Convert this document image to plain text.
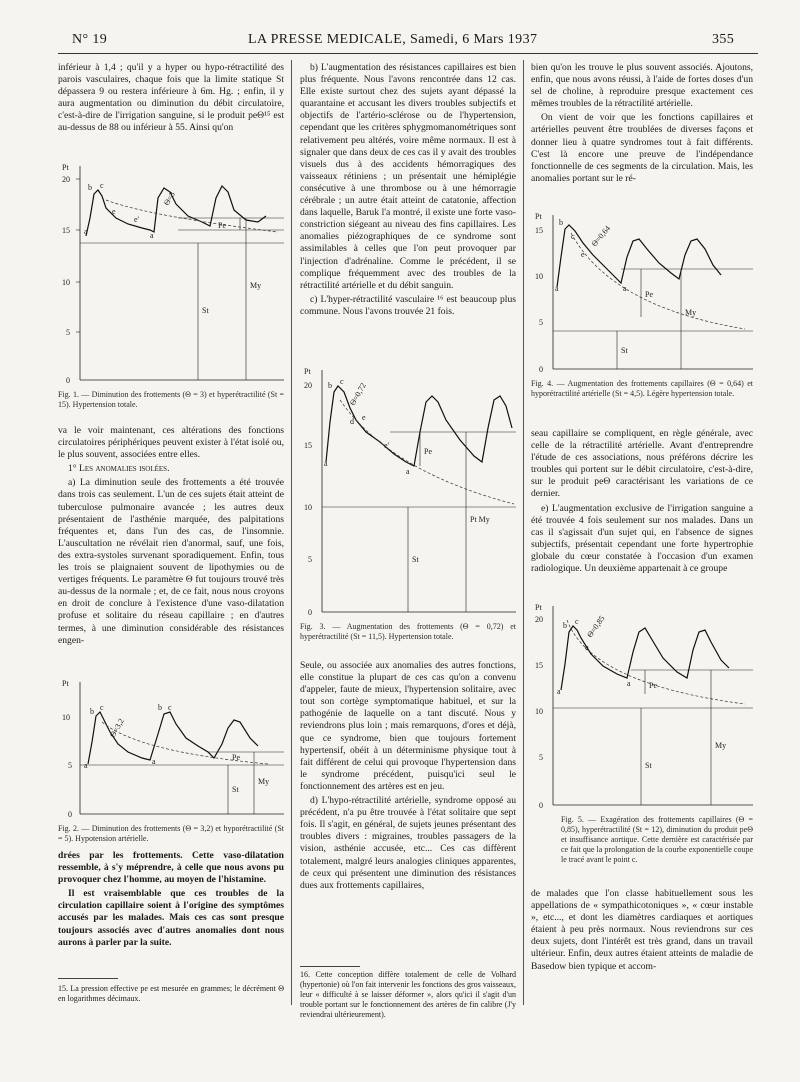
N° 19	LA PRESSE MEDICALE, Samedi, 6 Mars 1937	355

inférieur à 1,4 ; qu'il y a hyper ou hypo-rétractilité des parois vasculaires, chaque fois que la limite statique St dépassera 9 ou restera inférieure à 6m. Hg. ; enfin, il y aura augmentation ou diminution du débit circulatoire, c'est-à-dire de l'irrigation sanguine, si le produit peΘ¹⁵ est au-dessus de 88 ou inférieur à 55. Ainsi qu'on

Pt
20
15
10
5
0
a
b c
e
e'
a
Θ=3
Pe
St
My
Fig. 1. — Diminution des frottements (Θ = 3) et hyperétractilité (St = 15). Hypertension totale.

va le voir maintenant, ces altérations des fonctions circulatoires périphériques peuvent exister à l'état isolé ou, le plus souvent, associées entre elles.

1° Les anomalies isolées.

a) La diminution seule des frottements a été trouvée dans trois cas seulement. L'un de ces sujets était atteint de tuberculose pulmonaire avancée ; les autres deux présentaient de l'asthénie marquée, des palpitations fréquentes et, dans l'un des cas, de l'insomnie. L'auscultation ne révélait rien d'anormal, sauf, une fois, des extra-systoles survenant sporadiquement. Enfin, tous les trois se plaignaient souvent de lipothymies ou de vertiges fréquents. Le paramètre Θ fut toujours trouvé très au-dessus de la normale ; et, de ce fait, nous nous croyons en droit de conclure à l'existence d'une vaso-dilatation profuse et solitaire du réseau capillaire ; en d'autres termes, à une diminution considérable des résistances engen-

Pt
10
5
0
a
b c
a
b c
Θ=3,2
Pe
St
My
Fig. 2. — Diminution des frottements (Θ = 3,2) et hyporétractilité (St = 5). Hypotension artérielle.

drées par les frottements. Cette vaso-dilatation ressemble, à s'y méprendre, à celle que nous avons pu provoquer chez l'homme, au moyen de l'histamine.

Il est vraisemblable que ces troubles de la circulation capillaire soient à l'origine des symptômes accusés par les malades. Mais ces cas sont presque toujours associés avec d'autres anomalies dont nous aurons à parler par la suite.

15. La pression effective pe est mesurée en grammes; le décrément Θ en logarithmes décimaux.

b) L'augmentation des résistances capillaires est bien plus fréquente. Nous l'avons rencontrée dans 12 cas. Elle existe surtout chez des sujets ayant dépassé la quarantaine et accusant les divers troubles subjectifs et objectifs de l'artério-sclérose ou de l'hypertension, cependant que les critères sphygmomanométriques sont relativement peu altérés, voire même normaux. Il est à signaler que dans deux de ces cas il y avait des troubles visuels dus à des accidents hémorragiques des vaisseaux rétiniens ; un présentait une hémiplégie consécutive à une thrombose ou à une hémorragie cérébrale ; un autre était atteint de catatonie, affection dans laquelle, Baruk l'a montré, il existe une forte vaso-constriction siégeant au niveau des fins capillaires. Les anomalies piézographiques de ce syndrome sont assimilables à celles que l'on peut provoquer par l'injection d'adrénaline. Comme le précédent, il se complique fréquemment avec des troubles de la rétractilité artérielle et du débit sanguin.

c) L'hyper-rétractilité vasculaire ¹⁶ est beaucoup plus commune. Nous l'avons trouvée 21 fois.

Pt
20
15
10
5
0
a
b c
d e
e'
a
Θ=0,72
Pe
St
Pt My
Fig. 3. — Augmentation des frottements (Θ = 0,72) et hyperétractilité (St = 11,5). Hypertension totale.

Seule, ou associée aux anomalies des autres fonctions, elle constitue la plupart de ces cas qu'on a convenu d'appeler, faute de mieux, l'hypertension solitaire, avec tout son cortège symptomatique habituel, et sur la pathogénie de laquelle on a tant discuté. Nous y reviendrons plus loin ; mais remarquons, d'ores et déjà, que ce syndrome, bien que toujours fortement hypertensif, obéit à un déterminisme physique tout à fait différent de celui qui provoque l'hypertension dans le syndrome précédent, puisqu'ici seul le fonctionnement des artères est en jeu.

d) L'hypo-rétractilité artérielle, syndrome opposé au précédent, n'a pu être trouvée à l'état solitaire que sept fois. Il s'agit, en général, de sujets jeunes présentant des troubles divers : migraines, troubles passagers de la vision, asthénie accusée, etc... Ces cas diffèrent totalement, malgré leurs analogies cliniques apparentes, de ceux qui présentent une diminution des résistances dues aux frottements capillaires,

16. Cette conception diffère totalement de celle de Volhard (hypertonie) où l'on fait intervenir les fonctions des gros vaisseaux, leur « difficulté à se laisser déformer », alors qu'ici il s'agit d'un trouble portant sur le fonctionnement des artères de fin calibre (J'y reviendrai ultérieurement).

bien qu'on les trouve le plus souvent associés. Ajoutons, enfin, que nous avons réussi, à l'aide de fortes doses d'un sel de choline, à reproduire presque exactement ces mêmes troubles de la rétractilité artérielle.

On vient de voir que les fonctions capillaires et artérielles peuvent être troublées de diverses façons et donner lieu à quatre syndromes tout à fait différents. C'est là encore une preuve de l'indépendance fonctionnelle de ces segments de la circulation. Mais, les anomalies portant sur le ré-

Pt
15
10
5
0
a
b
c
e
a
Θ=0,64
Pe
St
My
Fig. 4. — Augmentation des frottements capillaires (Θ = 0,64) et hyporétractilité artérielle (St = 4,5). Légère hypertension totale.

seau capillaire se compliquent, en règle générale, avec celle de la rétractilité artérielle. Avant d'entreprendre l'étude de ces associations, nous préférons décrire les troubles qui portent sur le débit circulatoire, c'est-à-dire, sur le produit peΘ caractérisant les variations de ce dernier.

e) L'augmentation exclusive de l'irrigation sanguine a été trouvée 4 fois seulement sur nos malades. Dans un cas il s'agissait d'un sujet qui, en l'absence de signes subjectifs, présentait cependant une forte hypertrophie globale du cœur constatée à l'occasion d'un examen radiologique. Un deuxième appartenait à ce groupe

Pt
20
15
10
5
0
a
b c
e
a
Θ=0,85
Pe
St
My
Fig. 5. — Exagération des frottements capillaires (Θ = 0,85), hyperétractilité (St = 12), diminution du produit peΘ et insuffisance aortique. Cette dernière est caractérisée par ce fait que la prolongation de la courbe exponentielle coupe le tracé avant le point c.

de malades que l'on classe habituellement sous les appellations de « sympathicotoniques », « cœur instable », etc..., et dont les diamètres cardiaques et aortiques étaient à peu près normaux. Nous reviendrons sur ces deux sujets, dont l'intérêt est très grand, dans un travail ultérieur. Enfin, deux autres étaient atteints de maladie de Basedow bien typique et accom-
